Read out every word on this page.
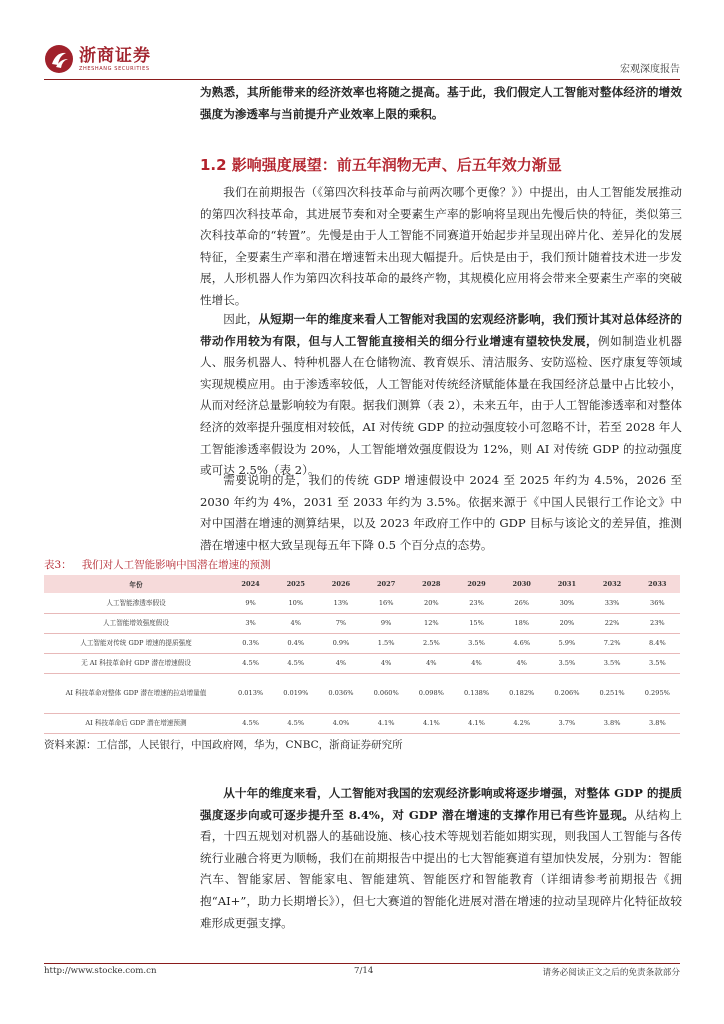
浙商证券
ZHESHANG SECURITIES	宏观深度报告

为熟悉，其所能带来的经济效率也将随之提高。基于此，我们假定人工智能对整体经济的增效强度为渗透率与当前提升产业效率上限的乘积。

1.2 影响强度展望：前五年润物无声、后五年效力渐显

我们在前期报告（《第四次科技革命与前两次哪个更像？》）中提出，由人工智能发展推动的第四次科技革命，其进展节奏和对全要素生产率的影响将呈现出先慢后快的特征，类似第三次科技革命的“转置”。先慢是由于人工智能不同赛道开始起步并呈现出碎片化、差异化的发展特征，全要素生产率和潜在增速暂未出现大幅提升。后快是由于，我们预计随着技术进一步发展，人形机器人作为第四次科技革命的最终产物，其规模化应用将会带来全要素生产率的突破性增长。

因此，从短期一年的维度来看人工智能对我国的宏观经济影响，我们预计其对总体经济的带动作用较为有限，但与人工智能直接相关的细分行业增速有望较快发展，例如制造业机器人、服务机器人、特种机器人在仓储物流、教育娱乐、清洁服务、安防巡检、医疗康复等领域实现规模应用。由于渗透率较低，人工智能对传统经济赋能体量在我国经济总量中占比较小，从而对经济总量影响较为有限。据我们测算（表 2），未来五年，由于人工智能渗透率和对整体经济的效率提升强度相对较低，AI 对传统 GDP 的拉动强度较小可忽略不计，若至 2028 年人工智能渗透率假设为 20%，人工智能增效强度假设为 12%，则 AI 对传统 GDP 的拉动强度或可达 2.5%（表 2）。

需要说明的是，我们的传统 GDP 增速假设中 2024 至 2025 年约为 4.5%，2026 至 2030 年约为 4%，2031 至 2033 年约为 3.5%。依据来源于《中国人民银行工作论文》中对中国潜在增速的测算结果，以及 2023 年政府工作中的 GDP 目标与该论文的差异值，推测潜在增速中枢大致呈现每五年下降 0.5 个百分点的态势。

表3： 我们对人工智能影响中国潜在增速的预测
年份	2024	2025	2026	2027	2028	2029	2030	2031	2032	2033
人工智能渗透率假设	9%	10%	13%	16%	20%	23%	26%	30%	33%	36%
人工智能增效强度假设	3%	4%	7%	9%	12%	15%	18%	20%	22%	23%
人工智能对传统 GDP 增速的提质强度	0.3%	0.4%	0.9%	1.5%	2.5%	3.5%	4.6%	5.9%	7.2%	8.4%
无 AI 科技革命时 GDP 潜在增速假设	4.5%	4.5%	4%	4%	4%	4%	4%	3.5%	3.5%	3.5%
AI 科技革命对整体 GDP 潜在增速的拉动增量值	0.013%	0.019%	0.036%	0.060%	0.098%	0.138%	0.182%	0.206%	0.251%	0.295%
AI 科技革命后 GDP 潜在增速预测	4.5%	4.5%	4.0%	4.1%	4.1%	4.1%	4.2%	3.7%	3.8%	3.8%
资料来源：工信部，人民银行，中国政府网，华为，CNBC，浙商证券研究所

从十年的维度来看，人工智能对我国的宏观经济影响或将逐步增强，对整体 GDP 的提质强度逐步向或可逐步提升至 8.4%，对 GDP 潜在增速的支撑作用已有些许显现。从结构上看，十四五规划对机器人的基础设施、核心技术等规划若能如期实现，则我国人工智能与各传统行业融合将更为顺畅，我们在前期报告中提出的七大智能赛道有望加快发展，分别为：智能汽车、智能家居、智能家电、智能建筑、智能医疗和智能教育（详细请参考前期报告《拥抱“AI+”，助力长期增长》），但七大赛道的智能化进展对潜在增速的拉动呈现碎片化特征故较难形成更强支撑。

http://www.stocke.com.cn	7/14	请务必阅读正文之后的免责条款部分
